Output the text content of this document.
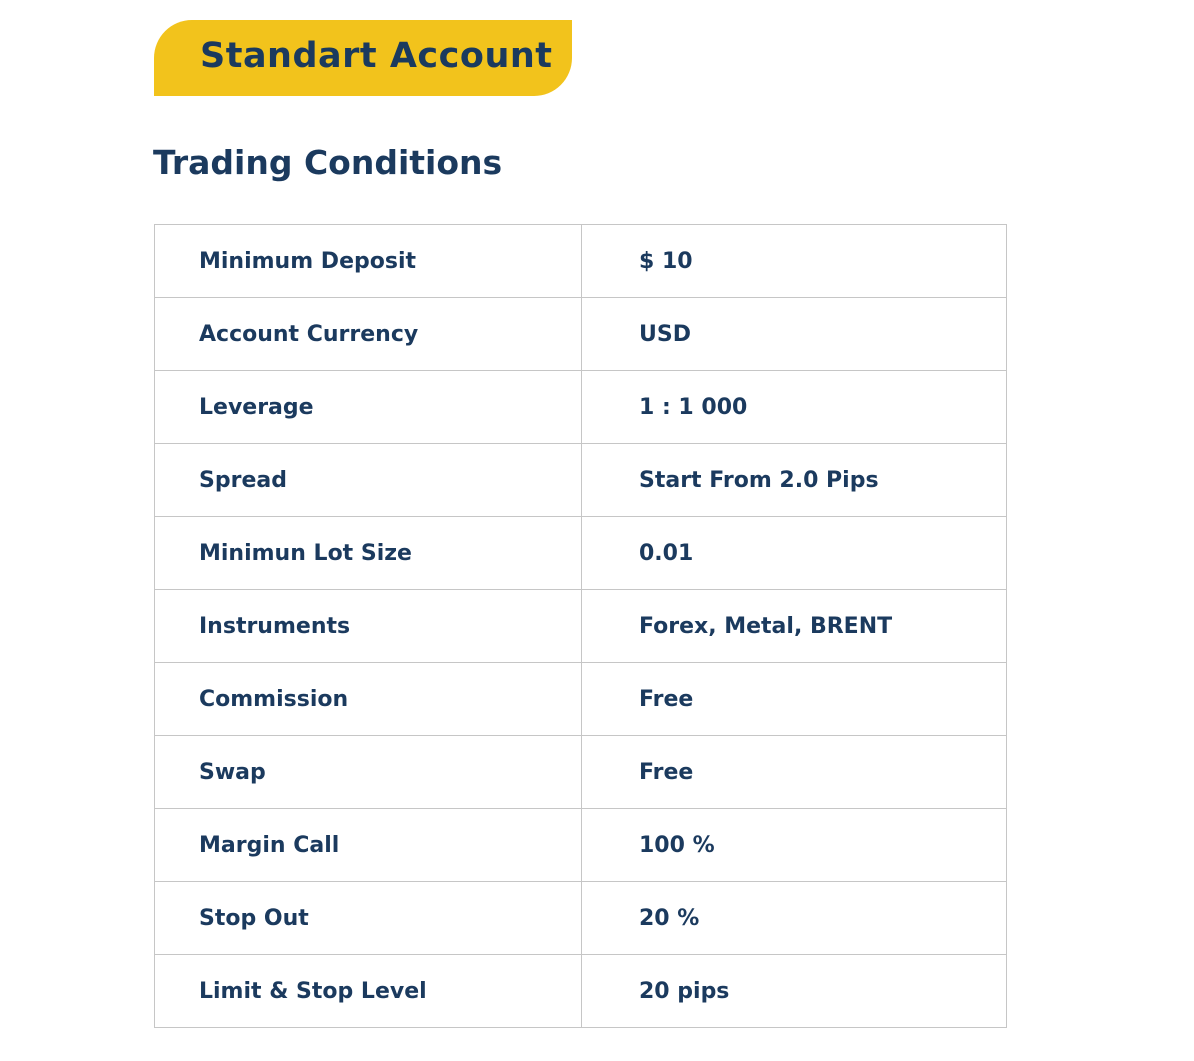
Standart Account
Trading Conditions
Minimum Deposit	$ 10
Account Currency	USD
Leverage	1 : 1 000
Spread	Start From 2.0 Pips
Minimun Lot Size	0.01
Instruments	Forex, Metal, BRENT
Commission	Free
Swap	Free
Margin Call	100 %
Stop Out	20 %
Limit & Stop Level	20 pips
